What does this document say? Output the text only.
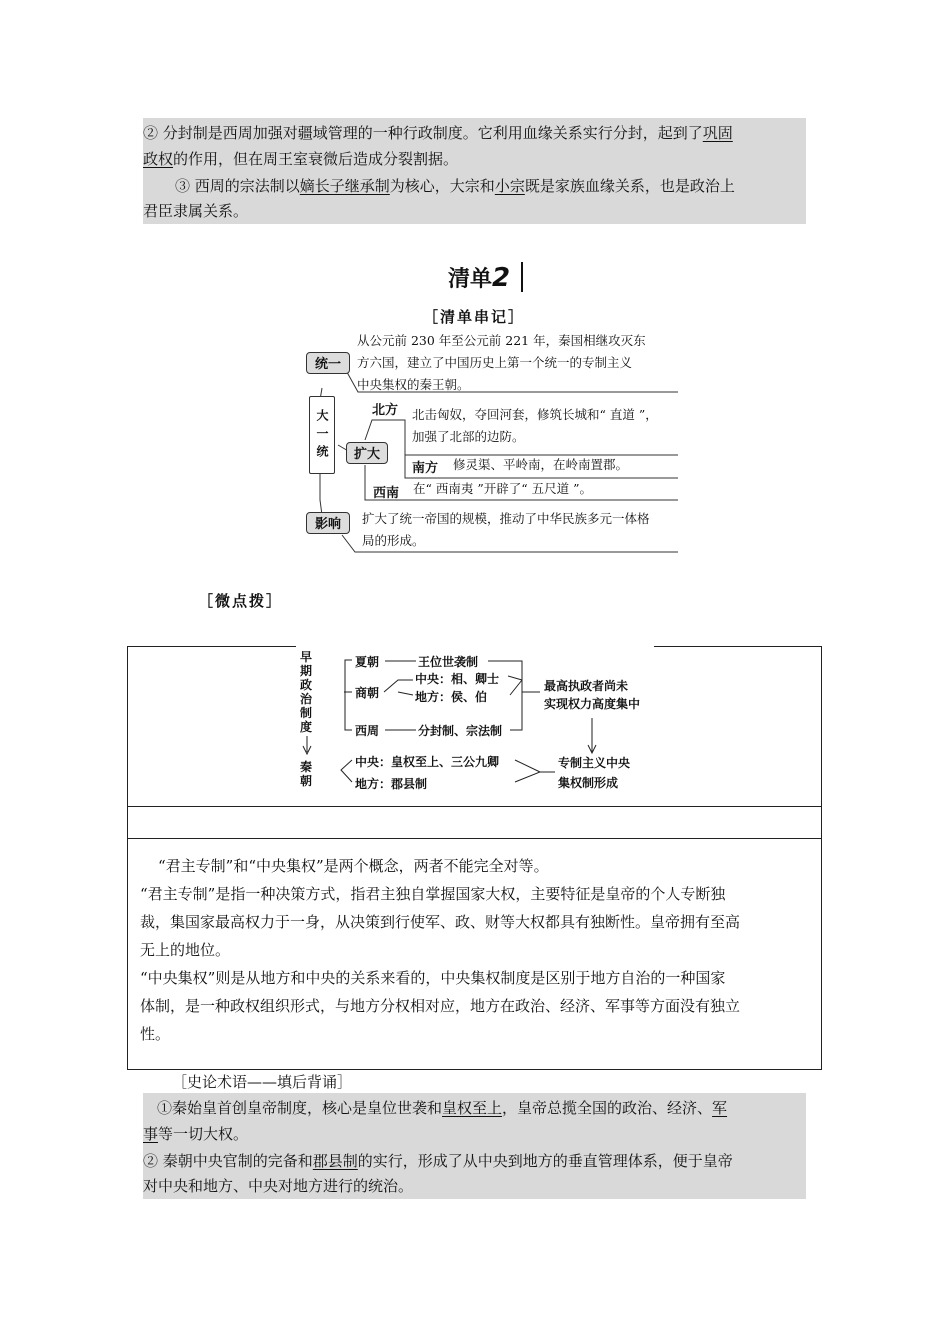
② 分封制是西周加强对疆域管理的一种行政制度。它利用血缘关系实行分封，起到了巩固
政权的作用，但在周王室衰微后造成分裂割据。
③ 西周的宗法制以嫡长子继承制为核心，大宗和小宗既是家族血缘关系，也是政治上
君臣隶属关系。
清单2
［清单串记］
大一统
统一
从公元前 230 年至公元前 221 年，秦国相继攻灭东
方六国，建立了中国历史上第一个统一的专制主义
中央集权的秦王朝。
扩大
北方 北击匈奴，夺回河套，修筑长城和“ 直道 ”，
加强了北部的边防。
南方 修灵渠、平岭南，在岭南置郡。
西南 在“ 西南夷 ”开辟了“ 五尺道 ”。
影响	扩大了统一帝国的规模，推动了中华民族多元一体格
局的形成。
［微点拨］
早
期
政
治
制
度
秦
朝
夏朝	王位世袭制
商朝
中央：相、卿士
地方：侯、伯
西周	分封制、宗法制
最高执政者尚未
实现权力高度集中
中央：皇权至上、三公九卿
地方：郡县制
专制主义中央
集权制形成
“君主专制”和“中央集权”是两个概念，两者不能完全对等。
“君主专制”是指一种决策方式，指君主独自掌握国家大权，主要特征是皇帝的个人专断独
裁，集国家最高权力于一身，从决策到行使军、政、财等大权都具有独断性。皇帝拥有至高
无上的地位。
“中央集权”则是从地方和中央的关系来看的，中央集权制度是区别于地方自治的一种国家
体制，是一种政权组织形式，与地方分权相对应，地方在政治、经济、军事等方面没有独立
性。
［史论术语——填后背诵］
①秦始皇首创皇帝制度，核心是皇位世袭和皇权至上，皇帝总揽全国的政治、经济、军
事等一切大权。
② 秦朝中央官制的完备和郡县制的实行，形成了从中央到地方的垂直管理体系，便于皇帝
对中央和地方、中央对地方进行的统治。
